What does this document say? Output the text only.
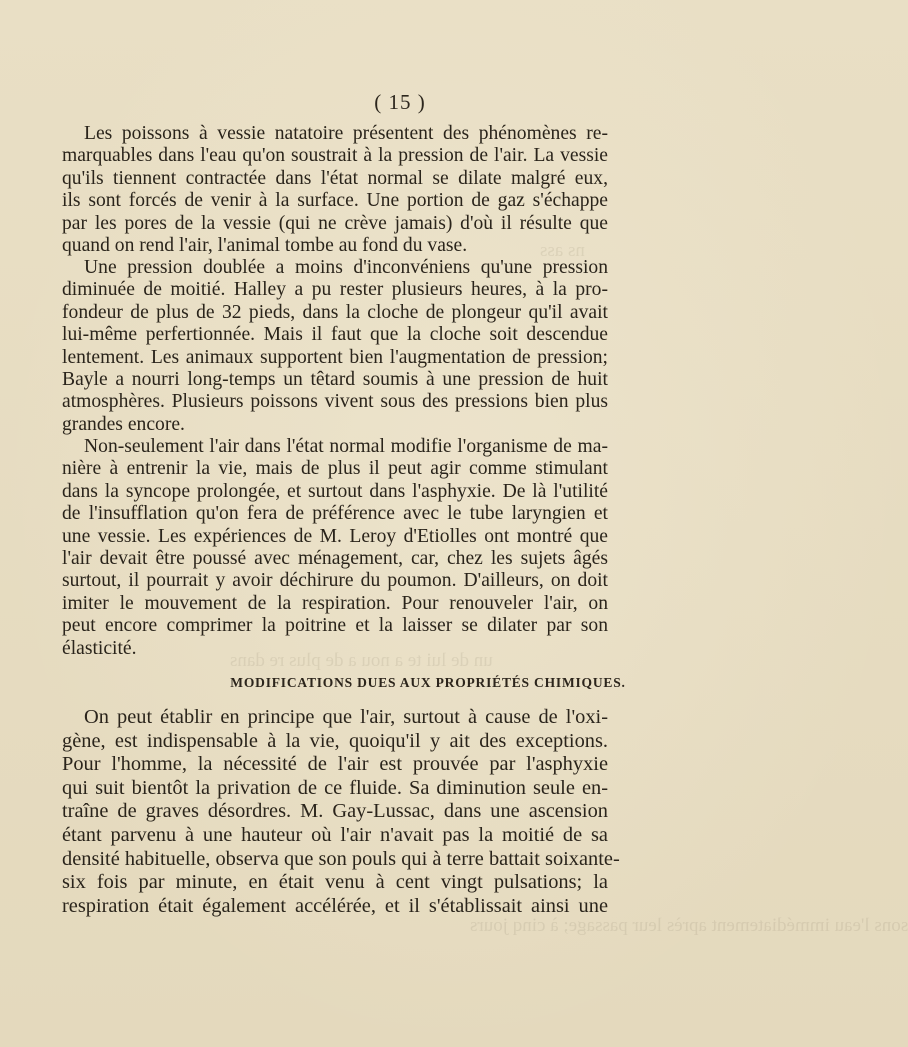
ns ass
un de lui te a nou a de plus re dans
sons l'eau immédiatement après leur passage; à cinq jours
( 15 )
Les poissons à vessie natatoire présentent des phénomènes re-
marquables dans l'eau qu'on soustrait à la pression de l'air. La vessie
qu'ils tiennent contractée dans l'état normal se dilate malgré eux,
ils sont forcés de venir à la surface. Une portion de gaz s'échappe
par les pores de la vessie (qui ne crève jamais) d'où il résulte que
quand on rend l'air, l'animal tombe au fond du vase.
Une pression doublée a moins d'inconvéniens qu'une pression
diminuée de moitié. Halley a pu rester plusieurs heures, à la pro-
fondeur de plus de 32 pieds, dans la cloche de plongeur qu'il avait
lui-même perfertionnée. Mais il faut que la cloche soit descendue
lentement. Les animaux supportent bien l'augmentation de pression;
Bayle a nourri long-temps un têtard soumis à une pression de huit
atmosphères. Plusieurs poissons vivent sous des pressions bien plus
grandes encore.
Non-seulement l'air dans l'état normal modifie l'organisme de ma-
nière à entrenir la vie, mais de plus il peut agir comme stimulant
dans la syncope prolongée, et surtout dans l'asphyxie. De là l'utilité
de l'insufflation qu'on fera de préférence avec le tube laryngien et
une vessie. Les expériences de M. Leroy d'Etiolles ont montré que
l'air devait être poussé avec ménagement, car, chez les sujets âgés
surtout, il pourrait y avoir déchirure du poumon. D'ailleurs, on doit
imiter le mouvement de la respiration. Pour renouveler l'air, on
peut encore comprimer la poitrine et la laisser se dilater par son
élasticité.
MODIFICATIONS DUES AUX PROPRIÉTÉS CHIMIQUES.
On peut établir en principe que l'air, surtout à cause de l'oxi-
gène, est indispensable à la vie, quoiqu'il y ait des exceptions.
Pour l'homme, la nécessité de l'air est prouvée par l'asphyxie
qui suit bientôt la privation de ce fluide. Sa diminution seule en-
traîne de graves désordres. M. Gay-Lussac, dans une ascension
étant parvenu à une hauteur où l'air n'avait pas la moitié de sa
densité habituelle, observa que son pouls qui à terre battait soixante-
six fois par minute, en était venu à cent vingt pulsations; la
respiration était également accélérée, et il s'établissait ainsi une
